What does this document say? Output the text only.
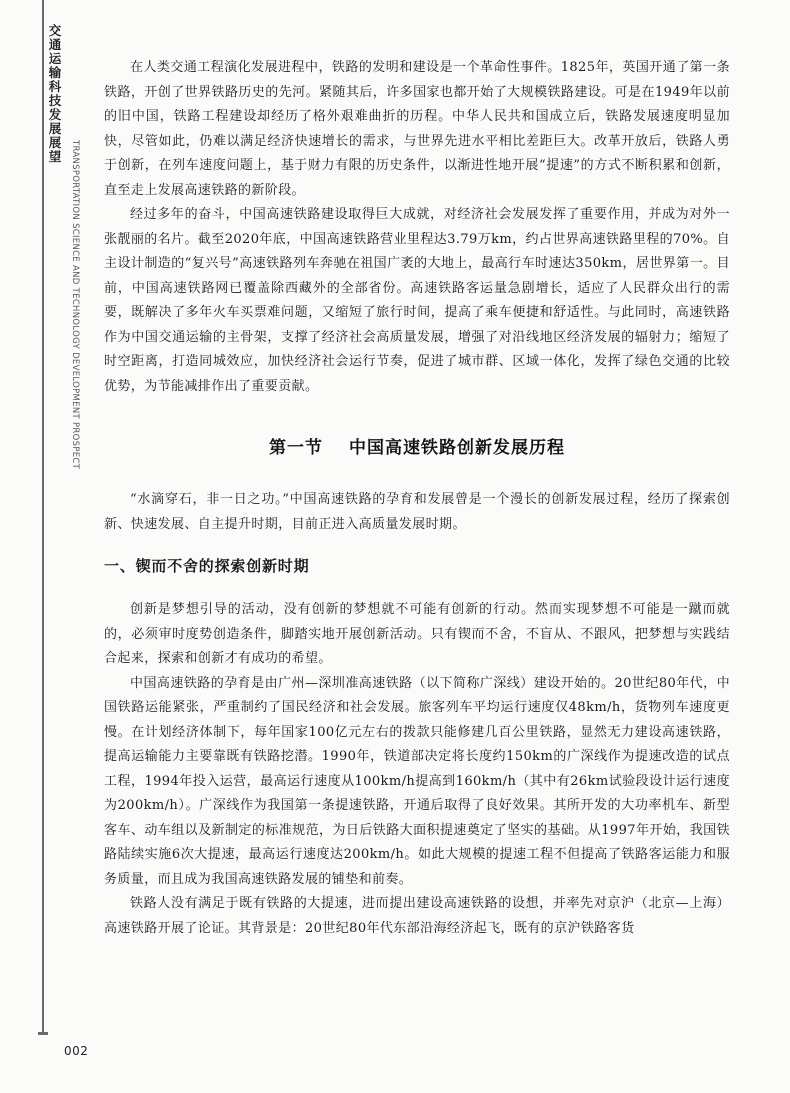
交通运输科技发展展望
TRANSPORTATION SCIENCE AND TECHNOLOGY DEVELOPMENT PROSPECT
002

在人类交通工程演化发展进程中，铁路的发明和建设是一个革命性事件。1825年，英国开通了第一条铁路，开创了世界铁路历史的先河。紧随其后，许多国家也都开始了大规模铁路建设。可是在1949年以前的旧中国，铁路工程建设却经历了格外艰难曲折的历程。中华人民共和国成立后，铁路发展速度明显加快，尽管如此，仍难以满足经济快速增长的需求，与世界先进水平相比差距巨大。改革开放后，铁路人勇于创新，在列车速度问题上，基于财力有限的历史条件，以渐进性地开展“提速”的方式不断积累和创新，直至走上发展高速铁路的新阶段。

经过多年的奋斗，中国高速铁路建设取得巨大成就，对经济社会发展发挥了重要作用，并成为对外一张靓丽的名片。截至2020年底，中国高速铁路营业里程达3.79万km，约占世界高速铁路里程的70%。自主设计制造的“复兴号”高速铁路列车奔驰在祖国广袤的大地上，最高行车时速达350km，居世界第一。目前，中国高速铁路网已覆盖除西藏外的全部省份。高速铁路客运量急剧增长，适应了人民群众出行的需要，既解决了多年火车买票难问题，又缩短了旅行时间，提高了乘车便捷和舒适性。与此同时，高速铁路作为中国交通运输的主骨架，支撑了经济社会高质量发展，增强了对沿线地区经济发展的辐射力；缩短了时空距离，打造同城效应，加快经济社会运行节奏，促进了城市群、区域一体化，发挥了绿色交通的比较优势，为节能减排作出了重要贡献。

第一节 中国高速铁路创新发展历程

“水滴穿石，非一日之功。”中国高速铁路的孕育和发展曾是一个漫长的创新发展过程，经历了探索创新、快速发展、自主提升时期，目前正进入高质量发展时期。

一、锲而不舍的探索创新时期

创新是梦想引导的活动，没有创新的梦想就不可能有创新的行动。然而实现梦想不可能是一蹴而就的，必须审时度势创造条件，脚踏实地开展创新活动。只有锲而不舍，不盲从、不跟风，把梦想与实践结合起来，探索和创新才有成功的希望。

中国高速铁路的孕育是由广州—深圳准高速铁路（以下简称广深线）建设开始的。20世纪80年代，中国铁路运能紧张，严重制约了国民经济和社会发展。旅客列车平均运行速度仅48km/h，货物列车速度更慢。在计划经济体制下，每年国家100亿元左右的拨款只能修建几百公里铁路，显然无力建设高速铁路，提高运输能力主要靠既有铁路挖潜。1990年，铁道部决定将长度约150km的广深线作为提速改造的试点工程，1994年投入运营，最高运行速度从100km/h提高到160km/h（其中有26km试验段设计运行速度为200km/h）。广深线作为我国第一条提速铁路，开通后取得了良好效果。其所开发的大功率机车、新型客车、动车组以及新制定的标准规范，为日后铁路大面积提速奠定了坚实的基础。从1997年开始，我国铁路陆续实施6次大提速，最高运行速度达200km/h。如此大规模的提速工程不但提高了铁路客运能力和服务质量，而且成为我国高速铁路发展的铺垫和前奏。

铁路人没有满足于既有铁路的大提速，进而提出建设高速铁路的设想，并率先对京沪（北京—上海）高速铁路开展了论证。其背景是：20世纪80年代东部沿海经济起飞，既有的京沪铁路客货
